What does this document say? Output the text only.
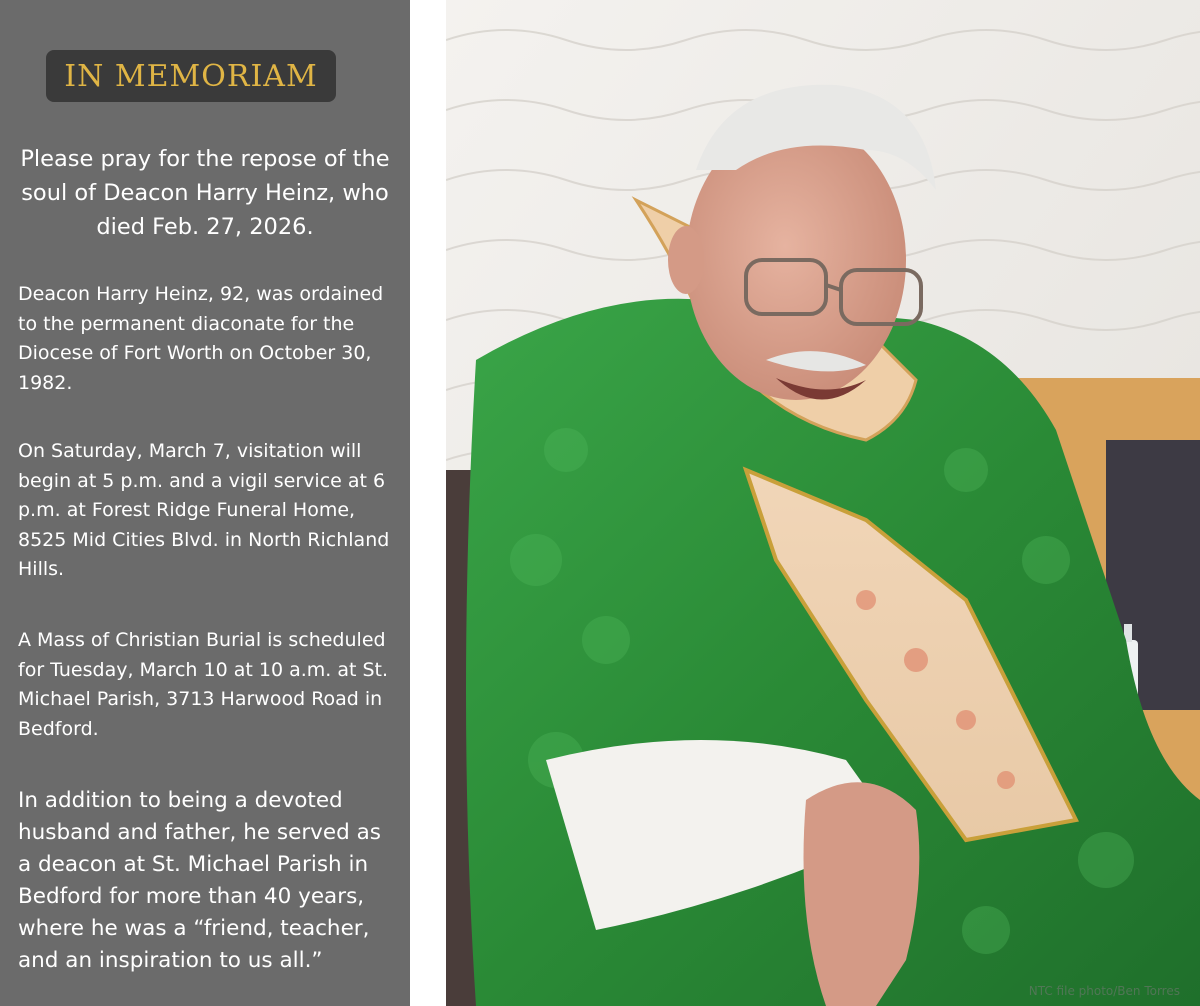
IN MEMORIAM
Please pray for the repose of the soul of Deacon Harry Heinz, who died Feb. 27, 2026.
Deacon Harry Heinz, 92, was ordained to the permanent diaconate for the Diocese of Fort Worth on October 30, 1982.
On Saturday, March 7, visitation will begin at 5 p.m. and a vigil service at 6 p.m. at Forest Ridge Funeral Home, 8525 Mid Cities Blvd. in North Richland Hills.
A Mass of Christian Burial is scheduled for Tuesday, March 10 at 10 a.m. at St. Michael Parish, 3713 Harwood Road in Bedford.
In addition to being a devoted husband and father, he served as a deacon at St. Michael Parish in Bedford for more than 40 years, where he was a “friend, teacher, and an inspiration to us all.”
NTC file photo/Ben Torres
